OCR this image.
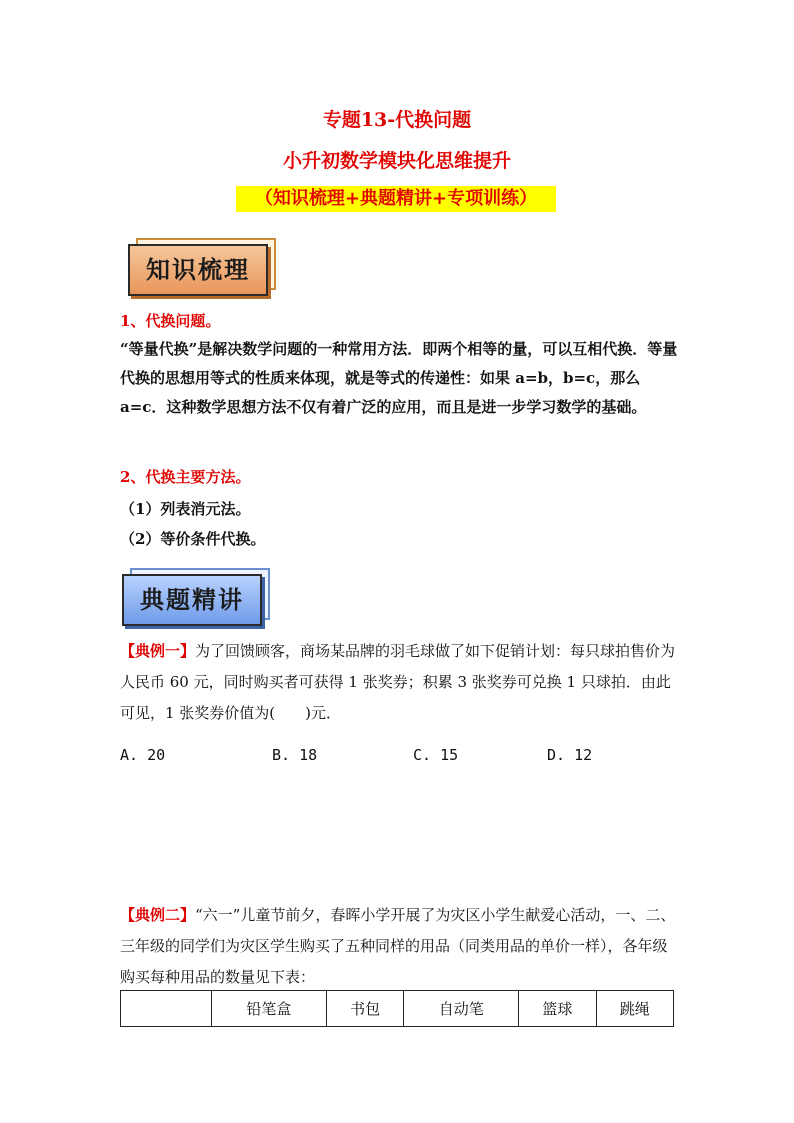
专题13-代换问题
小升初数学模块化思维提升
（知识梳理+典题精讲+专项训练）
知识梳理
1、代换问题。
“等量代换”是解决数学问题的一种常用方法．即两个相等的量，可以互相代换．等量代换的思想用等式的性质来体现，就是等式的传递性：如果 a=b，b=c，那么 a=c．这种数学思想方法不仅有着广泛的应用，而且是进一步学习数学的基础。
2、代换主要方法。
（1）列表消元法。
（2）等价条件代换。
典题精讲
【典例一】为了回馈顾客，商场某品牌的羽毛球做了如下促销计划：每只球拍售价为人民币 60 元，同时购买者可获得 1 张奖券；积累 3 张奖券可兑换 1 只球拍．由此可见，1 张奖券价值为(　　)元．
A. 20	B. 18	C. 15	D. 12
【典例二】“六一”儿童节前夕，春晖小学开展了为灾区小学生献爱心活动，一、二、三年级的同学们为灾区学生购买了五种同样的用品（同类用品的单价一样），各年级购买每种用品的数量见下表：
	铅笔盒	书包	自动笔	篮球	跳绳
